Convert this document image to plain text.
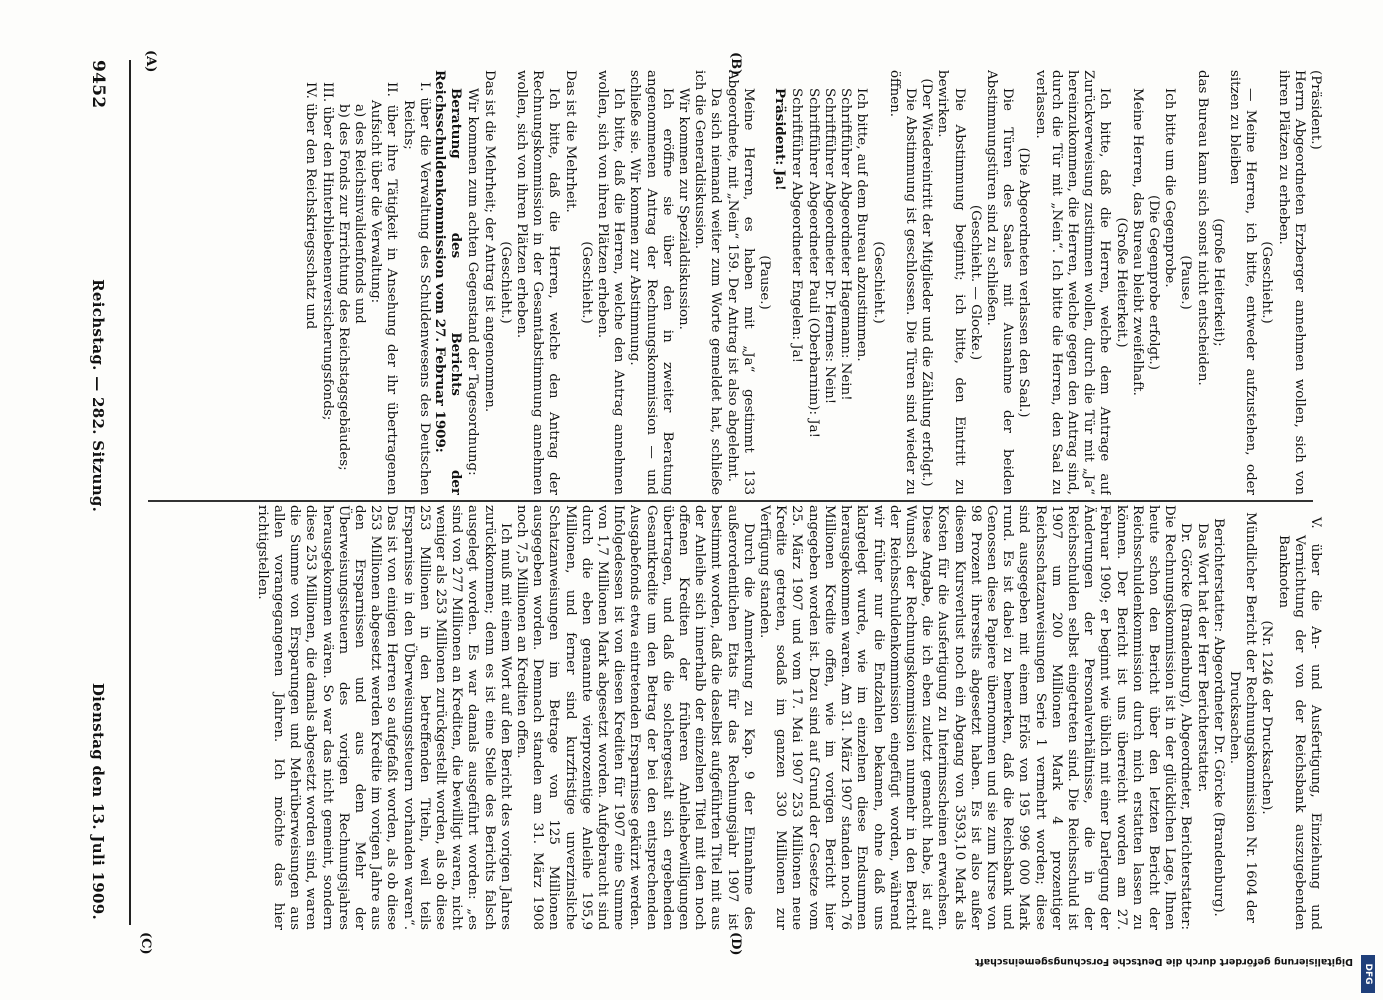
9452
Reichstag. — 282. Sitzung.
Dienstag den 13. Juli 1909.
(A)	(B)
(C)	(D)

(Präsident.)

Herrn Abgeordneten Erzberger annehmen wollen, sich von ihren Plätzen zu erheben.

(Geschieht.)

— Meine Herren, ich bitte, entweder aufzustehen, oder sitzen zu bleiben

(große Heiterkeit);

das Bureau kann sich sonst nicht entscheiden.

(Pause.)

Ich bitte um die Gegenprobe.

(Die Gegenprobe erfolgt.)

Meine Herren, das Bureau bleibt zweifelhaft.

(Große Heiterkeit.)

Ich bitte, daß die Herren, welche dem Antrage auf Zurückverweisung zustimmen wollen, durch die Tür mit „Ja“ hereinzukommen, die Herren, welche gegen den Antrag sind, durch die Tür mit „Nein“. Ich bitte die Herren, den Saal zu verlassen.

(Die Abgeordneten verlassen den Saal.)

Die Türen des Saales mit Ausnahme der beiden Abstimmungstüren sind zu schließen.

(Geschieht. — Glocke.)

Die Abstimmung beginnt; ich bitte, den Eintritt zu bewirken.

(Der Wiedereintritt der Mitglieder und die Zählung erfolgt.)

Die Abstimmung ist geschlossen. Die Türen sind wieder zu öffnen.

(Geschieht.)

Ich bitte, auf dem Bureau abzustimmen.

Schriftführer Abgeordneter Hagemann: Nein!

Schriftführer Abgeordneter Dr. Hermes: Nein!

Schriftführer Abgeordneter Pauli (Oberbarnim): Ja!

Schriftführer Abgeordneter Engelen: Ja!

Präsident: Ja!

(Pause.)

Meine Herren, es haben mit „Ja“ gestimmt 133 Abgeordnete, mit „Nein“ 159. Der Antrag ist also abgelehnt.

Da sich niemand weiter zum Worte gemeldet hat, schließe ich die Generaldiskussion.

Wir kommen zur Spezialdiskussion.

Ich eröffne sie über den in zweiter Beratung angenommenen Antrag der Rechnungskommission — und schließe sie. Wir kommen zur Abstimmung.

Ich bitte, daß die Herren, welche den Antrag annehmen wollen, sich von ihren Plätzen erheben.

(Geschieht.)

Das ist die Mehrheit.

Ich bitte, daß die Herren, welche den Antrag der Rechnungskommission in der Gesamtabstimmung annehmen wollen, sich von ihren Plätzen erheben.

(Geschieht.)

Das ist die Mehrheit; der Antrag ist angenommen.

Wir kommen zum achten Gegenstand der Tagesordnung:

Beratung des Berichts der Reichsschuldenkommission vom 27. Februar 1909:

I. über die Verwaltung des Schuldenwesens des Deutschen Reichs;

II. über ihre Tätigkeit in Ansehung der ihr übertragenen Aufsicht über die Verwaltung:

a) des Reichsinvalidenfonds und

b) des Fonds zur Errichtung des Reichstagsgebäudes;

III. über den Hinterbliebenenversicherungsfonds;

IV. über den Reichskriegsschatz und

V. über die An- und Ausfertigung, Einziehung und Vernichtung der von der Reichsbank auszugebenden Banknoten

(Nr. 1246 der Drucksachen).

Mündlicher Bericht der Rechnungskommission Nr. 1604 der Drucksachen.

Berichterstatter: Abgeordneter Dr. Görcke (Brandenburg).

Das Wort hat der Herr Berichterstatter.

Dr. Görcke (Brandenburg), Abgeordneter, Berichterstatter: Die Rechnungskommission ist in der glücklichen Lage, Ihnen heute schon den Bericht über den letzten Bericht der Reichsschuldenkommission durch mich erstatten lassen zu können. Der Bericht ist uns überreicht worden am 27. Februar 1909; er beginnt wie üblich mit einer Darlegung der Änderungen der Personalverhältnisse, die in der Reichsschulden selbst eingetreten sind. Die Reichsschuld ist 1907 um 200 Millionen Mark 4 prozentiger Reichsschatzanweisungen Serie 1 vermehrt worden; diese sind ausgegeben mit einem Erlös von 195 996 000 Mark rund. Es ist dabei zu bemerken, daß die Reichsbank und Genossen diese Papiere übernommen und sie zum Kurse von 98 Prozent ihrerseits abgesetzt haben. Es ist also außer diesem Kursverlust noch ein Abgang von 3593,10 Mark als Kosten für die Ausfertigung zu Interimsscheinen erwachsen. Diese Angabe, die ich eben zuletzt gemacht habe, ist auf Wunsch der Rechnungskommission nunmehr in den Bericht der Reichsschuldenkommission eingefügt worden, während wir früher nur die Endzahlen bekamen, ohne daß uns klargelegt wurde, wie im einzelnen diese Endsummen herausgekommen waren. Am 31. März 1907 standen noch 76 Millionen Kredite offen, wie im vorigen Bericht hier angegeben worden ist. Dazu sind auf Grund der Gesetze vom 25. März 1907 und vom 17. Mai 1907 253 Millionen neue Kredite getreten, sodaß im ganzen 330 Millionen zur Verfügung standen.

Durch die Anmerkung zu Kap. 9 der Einnahme des außerordentlichen Etats für das Rechnungsjahr 1907 ist bestimmt worden, daß die daselbst aufgeführten Titel mit aus der Anleihe sich innerhalb der einzelnen Titel mit den noch offenen Krediten der früheren Anleihebewilligungen übertragen, und daß die solchergestalt sich ergebenden Gesamtkredite um den Betrag der bei den entsprechenden Ausgabefonds etwa eintretenden Ersparnisse gekürzt werden. Infolgedessen ist von diesen Krediten für 1907 eine Summe von 1,7 Millionen Mark abgesetzt worden. Aufgebraucht sind durch die eben genannte vierprozentige Anleihe 195,9 Millionen, und ferner sind kurzfristige unverzinsliche Schatzanweisungen im Betrage von 125 Millionen ausgegeben worden. Demnach standen am 31. März 1908 noch 7,5 Millionen an Krediten offen.

Ich muß mit einem Wort auf den Bericht des vorigen Jahres zurückkommen; denn es ist eine Stelle des Berichts falsch ausgelegt worden. Es war damals ausgeführt worden: „es sind von 277 Millionen an Krediten, die bewilligt waren, nicht weniger als 253 Millionen zurückgestellt worden, als ob diese 253 Millionen in den betreffenden Titeln, weil teils Ersparnisse in den Überweisungssteuern vorhanden waren“. Das ist von einigen Herren so aufgefaßt worden, als ob diese 253 Millionen abgesetzt werden Kredite im vorigen Jahre aus den Ersparnissen und aus dem Mehr der Überweisungssteuern des vorigen Rechnungsjahres herausgekommen wären. So war das nicht gemeint, sondern diese 253 Millionen, die damals abgesetzt worden sind, waren die Summe von Ersparungen und Mehrüberweisungen aus allen vorangegangenen Jahren. Ich möchte das hier richtigstellen.

DFG
Digitalisierung gefördert durch die Deutsche Forschungsgemeinschaft
